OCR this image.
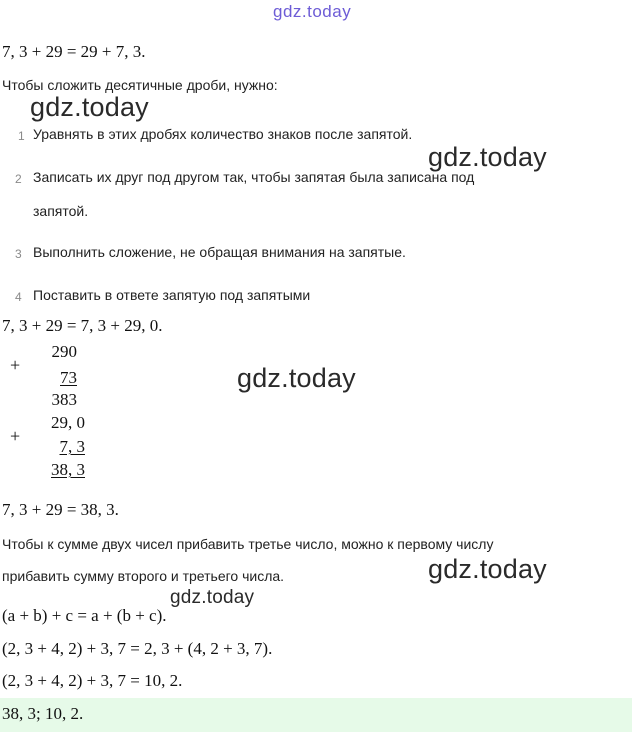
gdz.today
7, 3 + 29 = 29 + 7, 3.
Чтобы сложить десятичные дроби, нужно:
gdz.today
1 Уравнять в этих дробях количество знаков после запятой.
gdz.today
2 Записать их друг под другом так, чтобы запятая была записана под
запятой.
3 Выполнить сложение, не обращая внимания на запятые.
4 Поставить в ответе запятую под запятыми
7, 3 + 29 = 7, 3 + 29, 0.
+
290
73
383
gdz.today
+
29, 0
7, 3
38, 3
7, 3 + 29 = 38, 3.
Чтобы к сумме двух чисел прибавить третье число, можно к первому числу
прибавить сумму второго и третьего числа.	gdz.today
gdz.today
(a + b) + c = a + (b + c).
(2, 3 + 4, 2) + 3, 7 = 2, 3 + (4, 2 + 3, 7).
(2, 3 + 4, 2) + 3, 7 = 10, 2.
38, 3; 10, 2.
